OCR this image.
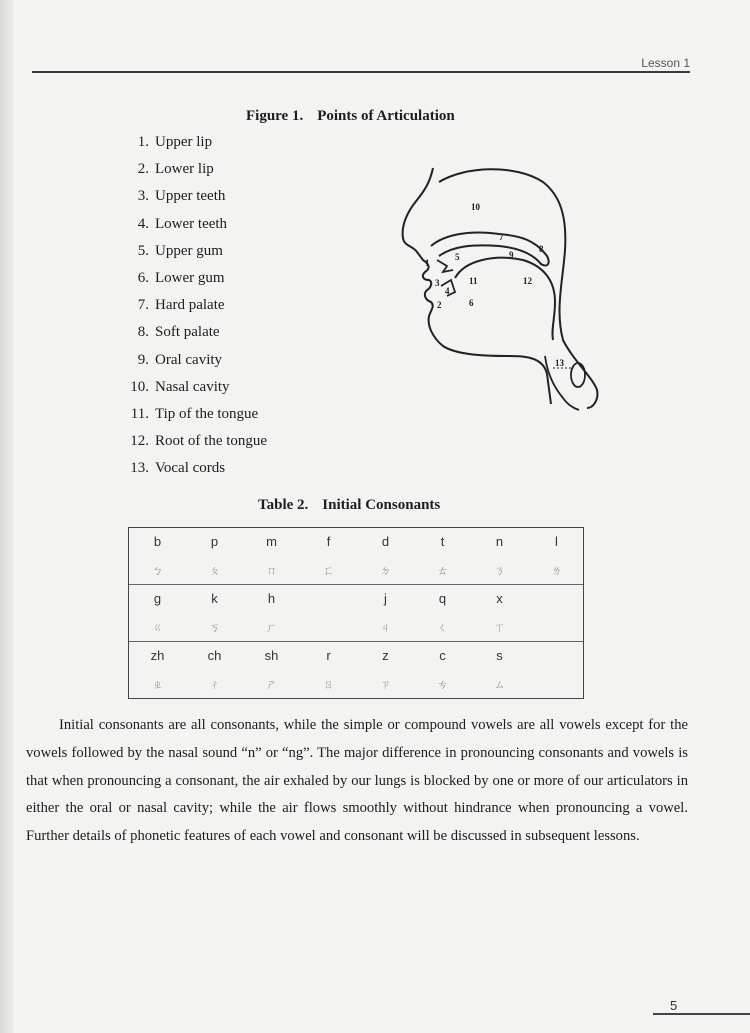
Lesson 1
Figure 1. Points of Articulation
1. Upper lip
2. Lower lip
3. Upper teeth
4. Lower teeth
5. Upper gum
6. Lower gum
7. Hard palate
8. Soft palate
9. Oral cavity
10. Nasal cavity
11. Tip of the tongue
12. Root of the tongue
13. Vocal cords
1
2
3
4
5
6
7
8
9
10
11	12
13
Table 2. Initial Consonants
b
ㄅ
p
ㄆ
m
ㄇ
f
ㄈ
d
ㄉ
t
ㄊ
n
ㄋ
l
ㄌ
g
ㄍ
k
ㄎ
h
ㄏ
j
ㄐ
q
ㄑ
x
ㄒ
zh
ㄓ
ch
ㄔ
sh
ㄕ
r
ㄖ
z
ㄗ
c
ㄘ
s
ㄙ

Initial consonants are all consonants, while the simple or compound vowels are all vowels except for the vowels followed by the nasal sound “n” or “ng”. The major difference in pronouncing consonants and vowels is that when pronouncing a consonant, the air exhaled by our lungs is blocked by one or more of our articulators in either the oral or nasal cavity; while the air flows smoothly without hindrance when pronouncing a vowel. Further details of phonetic features of each vowel and consonant will be discussed in subsequent lessons.

5
